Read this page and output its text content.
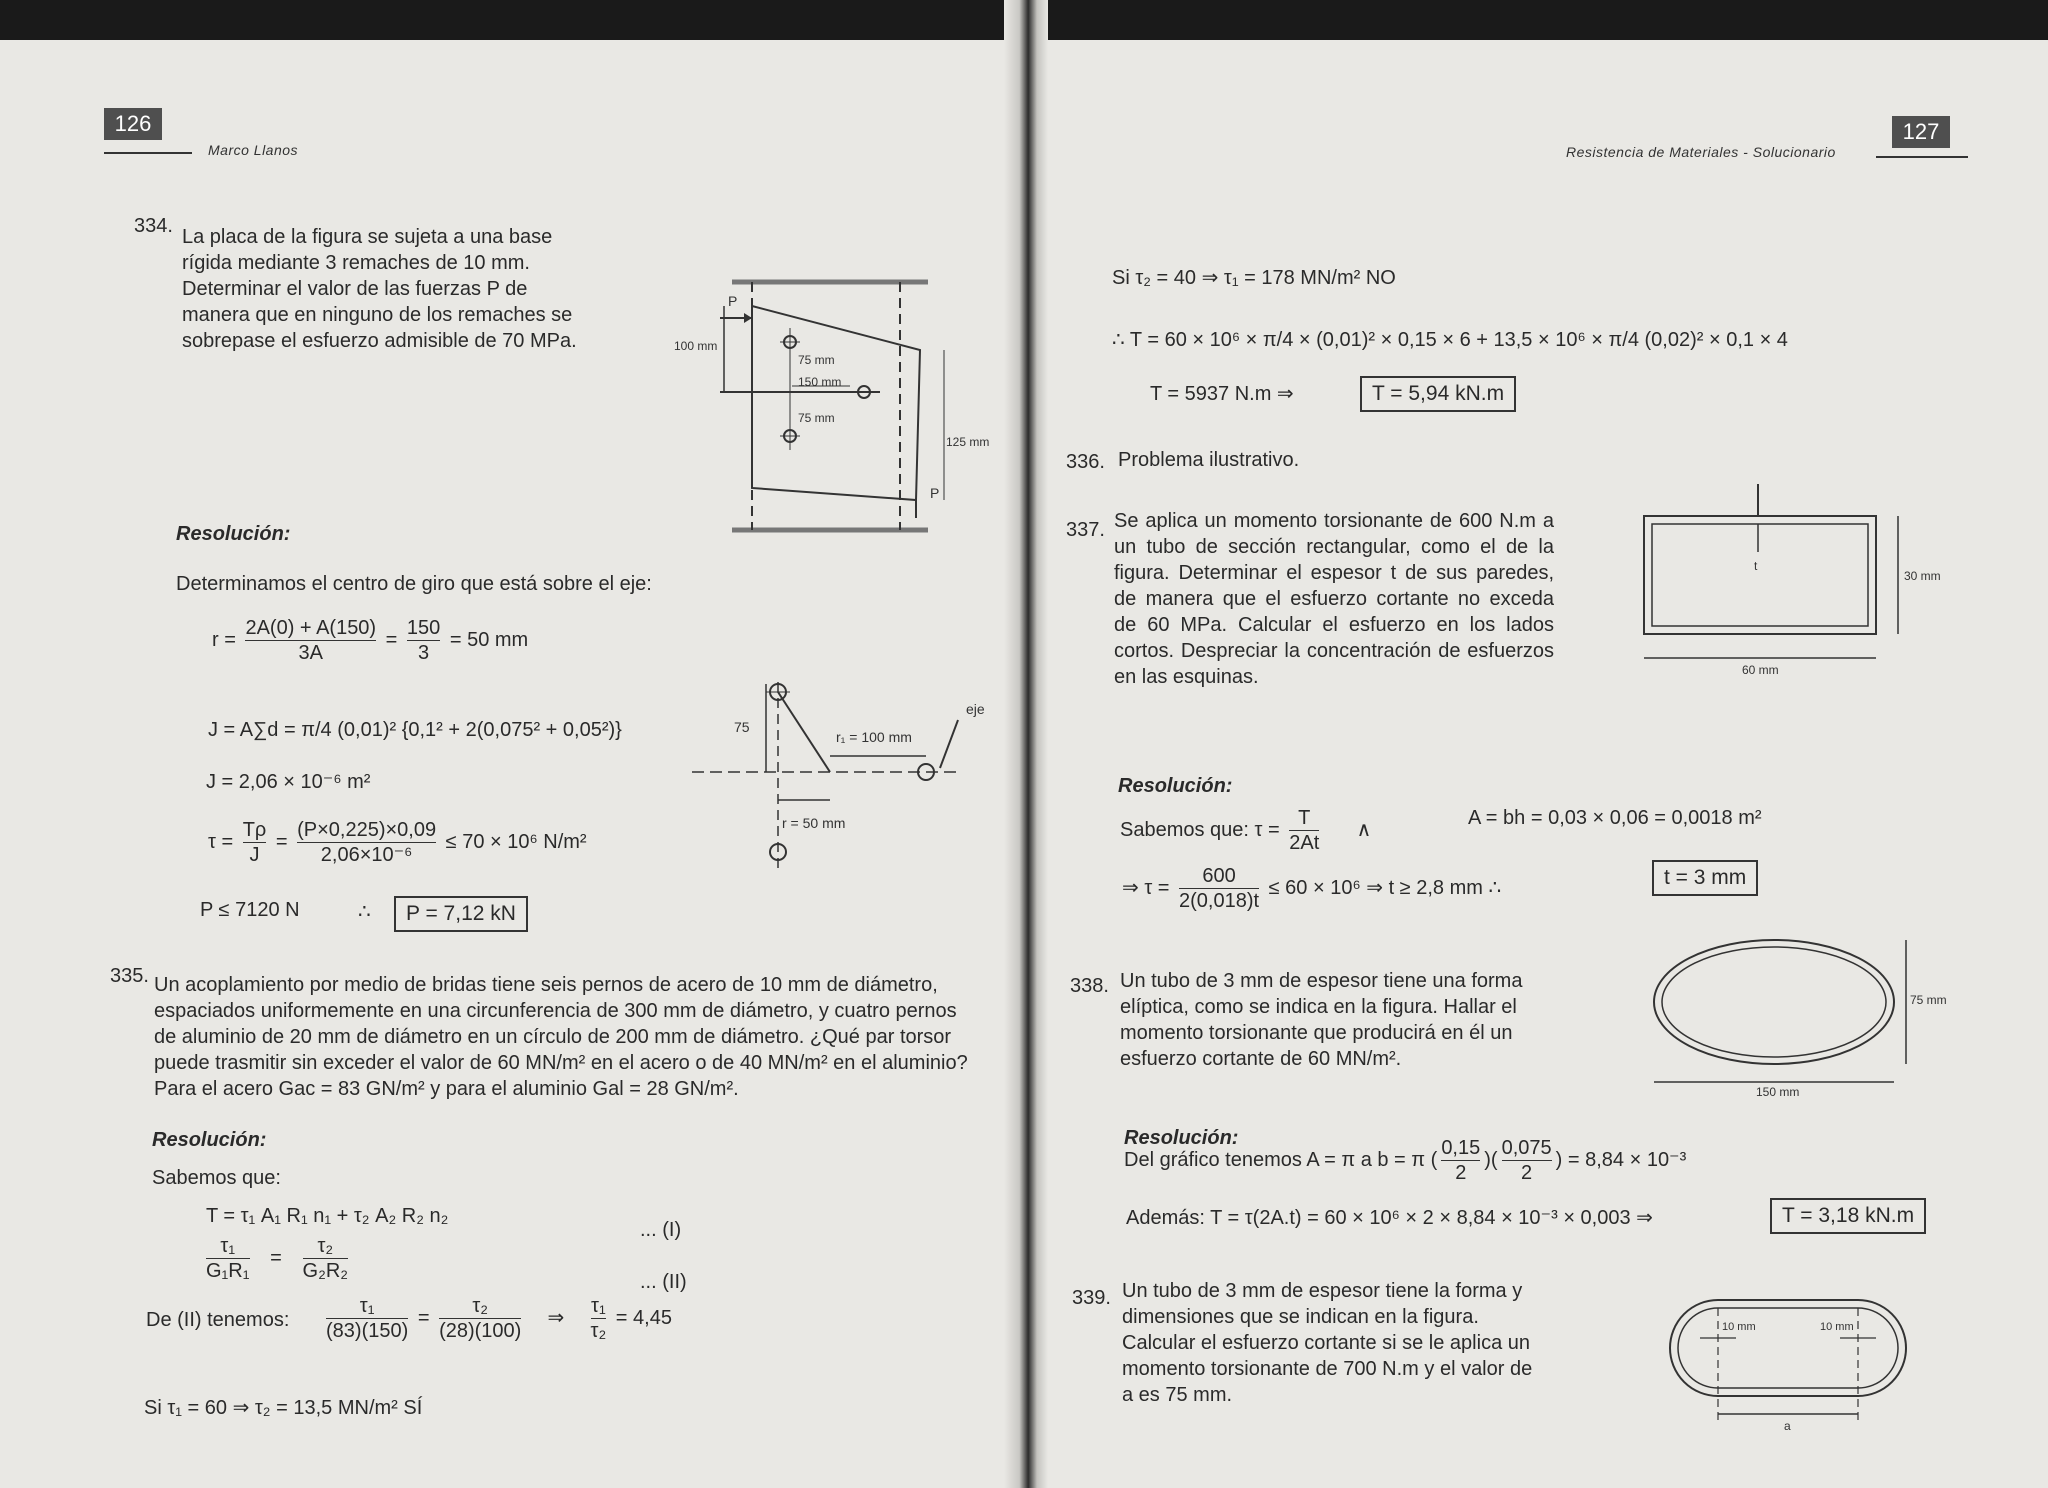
126
Marco Llanos
334. La placa de la figura se sujeta a una base rígida mediante 3 remaches de 10 mm. Determinar el valor de las fuerzas P de manera que en ninguno de los remaches se sobrepase el esfuerzo admisible de 70 MPa.
P
100 mm
75 mm
150 mm
75 mm
125 mm
P
Resolución:
Determinamos el centro de giro que está sobre el eje:
$r = \frac{2A(0) + A(150)}{3A} = \frac{150}{3} = 50$ mm
J = A∑d = π/4 (0,01)² {0,1² + 2(0,075² + 0,05²)}
J = 2,06 × 10⁻⁶ m²
$\tau = \frac{T\rho}{J} = \frac{(P\times 0,225)\times 0,09}{\text{2,06×10⁻⁶}} \le 70 \times 10^6$ N/m²
P ≤ 7120 N	∴	P = 7,12 kN
75
r₁ = 100 mm
r = 50 mm
eje
335. Un acoplamiento por medio de bridas tiene seis pernos de acero de 10 mm de diámetro, espaciados uniformemente en una circunferencia de 300 mm de diámetro, y cuatro pernos de aluminio de 20 mm de diámetro en un círculo de 200 mm de diámetro. ¿Qué par torsor puede trasmitir sin exceder el valor de 60 MN/m² en el acero o de 40 MN/m² en el aluminio? Para el acero Gac = 83 GN/m² y para el aluminio Gal = 28 GN/m².
Resolución:
Sabemos que:
T = τ₁ A₁ R₁ n₁ + τ₂ A₂ R₂ n₂
... (I)
$\frac{\text{τ₁}}{\text{G₁R₁}} = \frac{\text{τ₂}}{\text{G₂R₂}}$	... (II)
De (II) tenemos: $\frac{\text{τ₁}}{(83)(150)} = \frac{\text{τ₂}}{(28)(100)}$ ⇒ $\frac{\text{τ₁}}{\text{τ₂}} = 4,45$
Si τ₁ = 60 ⇒ τ₂ = 13,5 MN/m² SÍ
127
Resistencia de Materiales - Solucionario
Si τ₂ = 40 ⇒ τ₁ = 178 MN/m² NO
∴ T = 60 × 10⁶ × π/4 × (0,01)² × 0,15 × 6 + 13,5 × 10⁶ × π/4 (0,02)² × 0,1 × 4
T = 5937 N.m ⇒	T = 5,94 kN.m
336. Problema ilustrativo.
337. Se aplica un momento torsionante de 600 N.m a un tubo de sección rectangular, como el de la figura. Determinar el espesor t de sus paredes, de manera que el esfuerzo cortante no exceda de 60 MPa. Calcular el esfuerzo en los lados cortos. Despreciar la concentración de esfuerzos en las esquinas.
t
30 mm
60 mm
Resolución:
Sabemos que: $\tau = \frac{T}{2At}$ ∧
A = bh = 0,03 × 0,06 = 0,0018 m²
⇒ $\tau = \frac{600}{2(0,018)t} \le 60 \times 10^6$ ⇒ t ≥ 2,8 mm ∴	t = 3 mm
338. Un tubo de 3 mm de espesor tiene una forma elíptica, como se indica en la figura. Hallar el momento torsionante que producirá en él un esfuerzo cortante de 60 MN/m².
75 mm
150 mm
Resolución:
Del gráfico tenemos A = π a b = π ( $\frac{0,15}{2}$ )( $\frac{0,075}{2}$ ) = 8,84 × 10⁻³
Además: T = τ(2A.t) = 60 × 10⁶ × 2 × 8,84 × 10⁻³ × 0,003 ⇒	T = 3,18 kN.m
339. Un tubo de 3 mm de espesor tiene la forma y dimensiones que se indican en la figura. Calcular el esfuerzo cortante si se le aplica un momento torsionante de 700 N.m y el valor de a es 75 mm.
10 mm	10 mm
a
